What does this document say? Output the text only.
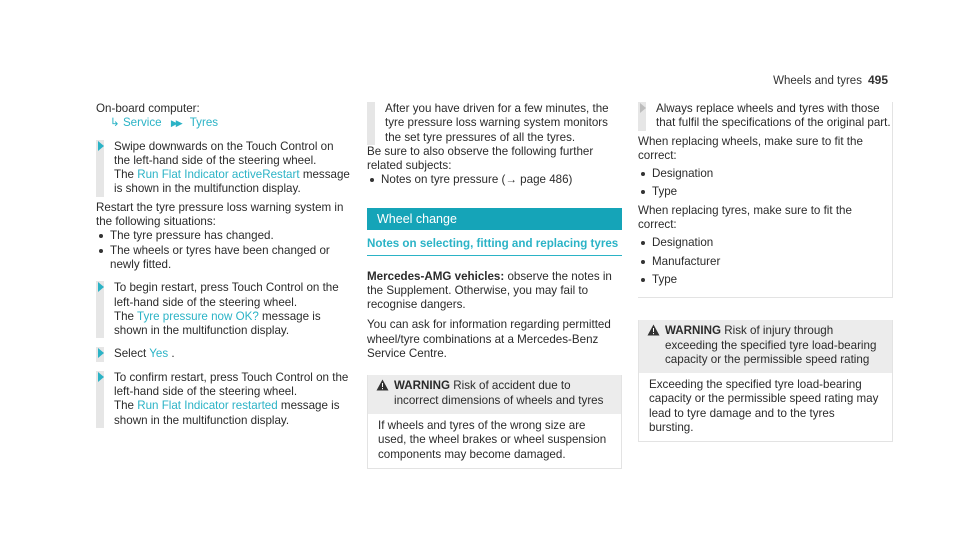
Wheels and tyres 495
On-board computer:
↳ Service ▶▶ Tyres
Swipe downwards on the Touch Control on the left-hand side of the steering wheel.
The Run Flat Indicator activeRestart message is shown in the multifunction display.
Restart the tyre pressure loss warning system in the following situations:
The tyre pressure has changed.
The wheels or tyres have been changed or newly fitted.
To begin restart, press Touch Control on the left-hand side of the steering wheel.
The Tyre pressure now OK? message is shown in the multifunction display.
Select Yes .
To confirm restart, press Touch Control on the left-hand side of the steering wheel.
The Run Flat Indicator restarted message is shown in the multifunction display.
After you have driven for a few minutes, the tyre pressure loss warning system monitors the set tyre pressures of all the tyres.
Be sure to also observe the following further related subjects:
Notes on tyre pressure (→ page 486)
Wheel change
Notes on selecting, fitting and replacing tyres
Mercedes-AMG vehicles: observe the notes in the Supplement. Otherwise, you may fail to recognise dangers.
You can ask for information regarding permitted wheel/tyre combinations at a Mercedes-Benz Service Centre.
WARNING Risk of accident due to incorrect dimensions of wheels and tyres
If wheels and tyres of the wrong size are used, the wheel brakes or wheel suspension components may become damaged.
Always replace wheels and tyres with those that fulfil the specifications of the original part.
When replacing wheels, make sure to fit the correct:
Designation
Type
When replacing tyres, make sure to fit the correct:
Designation
Manufacturer
Type
WARNING Risk of injury through exceeding the specified tyre load-bearing capacity or the permissible speed rating
Exceeding the specified tyre load-bearing capacity or the permissible speed rating may lead to tyre damage and to the tyres bursting.
